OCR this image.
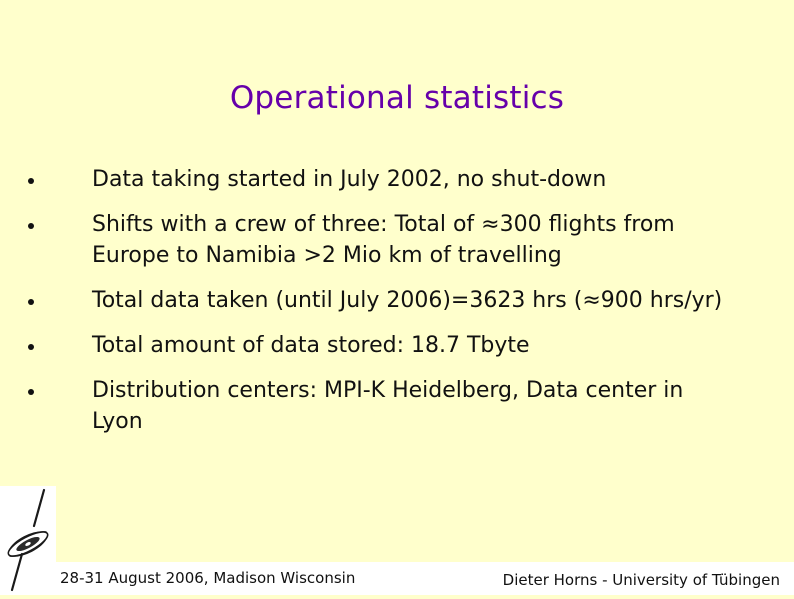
Operational statistics
Data taking started in July 2002, no shut-down
Shifts with a crew of three: Total of ≈300 flights from
Europe to Namibia >2 Mio km of travelling
Total data taken (until July 2006)=3623 hrs (≈900 hrs/yr)
Total amount of data stored: 18.7 Tbyte
Distribution centers: MPI-K Heidelberg, Data center in
Lyon
28-31 August 2006, Madison Wisconsin	Dieter Horns - University of Tübingen
